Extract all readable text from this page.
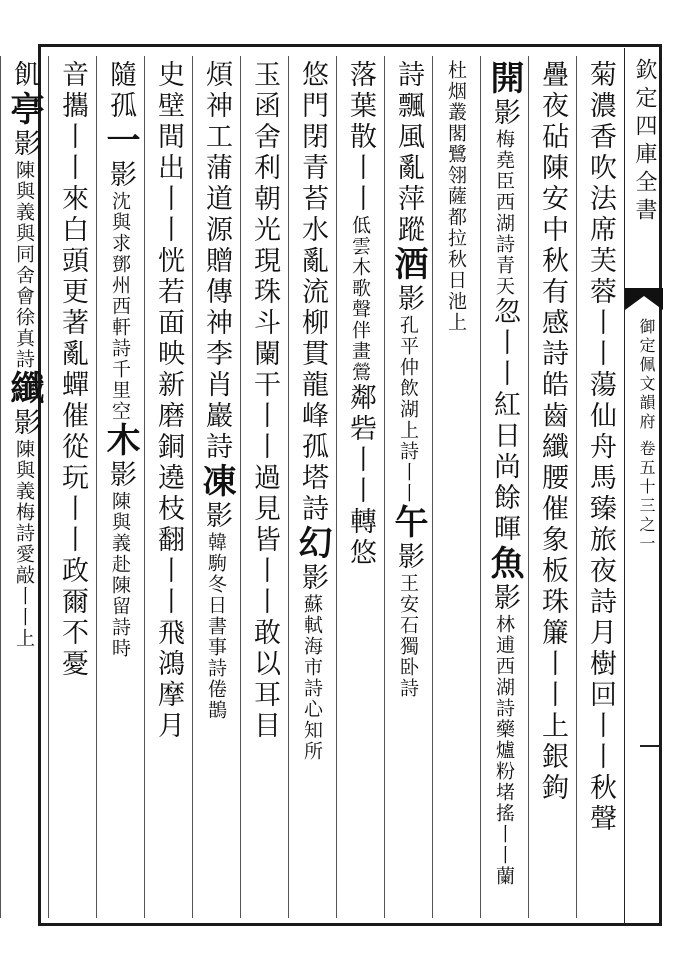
欽定四庫全書
御定佩文韻府 卷五十三之一
菊濃香吹法席芙蓉丨丨蕩仙舟馬臻旅夜詩月樹回丨丨秋聲
疊夜砧陳安中秋有感詩皓齒纖腰催象板珠簾丨丨上銀鉤
開影梅堯臣西湖詩青天忽丨丨紅日尚餘暉魚影林逋西湖詩藥爐粉堵搖丨丨蘭
杜烟叢閣鷺翎薩都拉秋日池上
詩飄風亂萍蹤酒影孔平仲飲湖上詩丨丨午影王安石獨卧詩
落葉散丨丨低雲木歌聲伴畫鶯鄰砦丨丨轉悠
悠門閉青苔水亂流柳貫龍峰孤塔詩幻影蘇軾海市詩心知所
玉函舍利朝光現珠斗闌干丨丨過見皆丨丨敢以耳目
煩神工蒲道源贈傳神李肖巖詩凍影韓駒冬日書事詩倦鵲
史壁間出丨丨恍若面映新磨銅遶枝翻丨丨飛鴻摩月
隨孤一影沈與求鄧州西軒詩千里空木影陳與義赴陳留詩時
音攜丨丨來白頭更著亂蟬催從玩丨丨政爾不憂
飢亭影陳與義與同舍會徐真詩纖影陳與義梅詩愛敲丨丨上
